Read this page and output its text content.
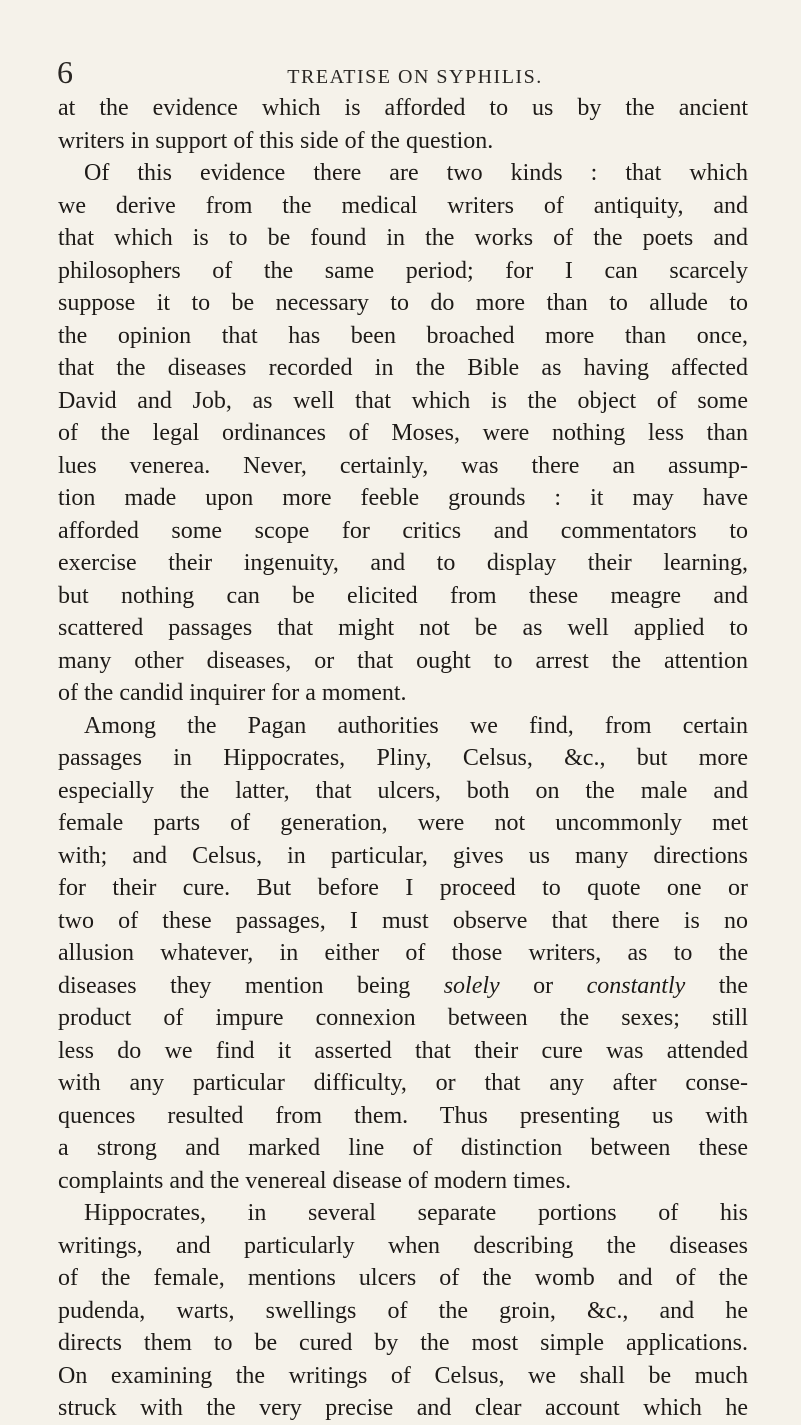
6	TREATISE ON SYPHILIS.
at the evidence which is afforded to us by the ancient
writers in support of this side of the question.
Of this evidence there are two kinds : that which
we derive from the medical writers of antiquity, and
that which is to be found in the works of the poets and
philosophers of the same period; for I can scarcely
suppose it to be necessary to do more than to allude to
the opinion that has been broached more than once,
that the diseases recorded in the Bible as having affected
David and Job, as well that which is the object of some
of the legal ordinances of Moses, were nothing less than
lues venerea. Never, certainly, was there an assump-
tion made upon more feeble grounds : it may have
afforded some scope for critics and commentators to
exercise their ingenuity, and to display their learning,
but nothing can be elicited from these meagre and
scattered passages that might not be as well applied to
many other diseases, or that ought to arrest the attention
of the candid inquirer for a moment.
Among the Pagan authorities we find, from certain
passages in Hippocrates, Pliny, Celsus, &c., but more
especially the latter, that ulcers, both on the male and
female parts of generation, were not uncommonly met
with; and Celsus, in particular, gives us many directions
for their cure. But before I proceed to quote one or
two of these passages, I must observe that there is no
allusion whatever, in either of those writers, as to the
diseases they mention being solely or constantly the
product of impure connexion between the sexes; still
less do we find it asserted that their cure was attended
with any particular difficulty, or that any after conse-
quences resulted from them. Thus presenting us with
a strong and marked line of distinction between these
complaints and the venereal disease of modern times.
Hippocrates, in several separate portions of his
writings, and particularly when describing the diseases
of the female, mentions ulcers of the womb and of the
pudenda, warts, swellings of the groin, &c., and he
directs them to be cured by the most simple applications.
On examining the writings of Celsus, we shall be much
struck with the very precise and clear account which he
